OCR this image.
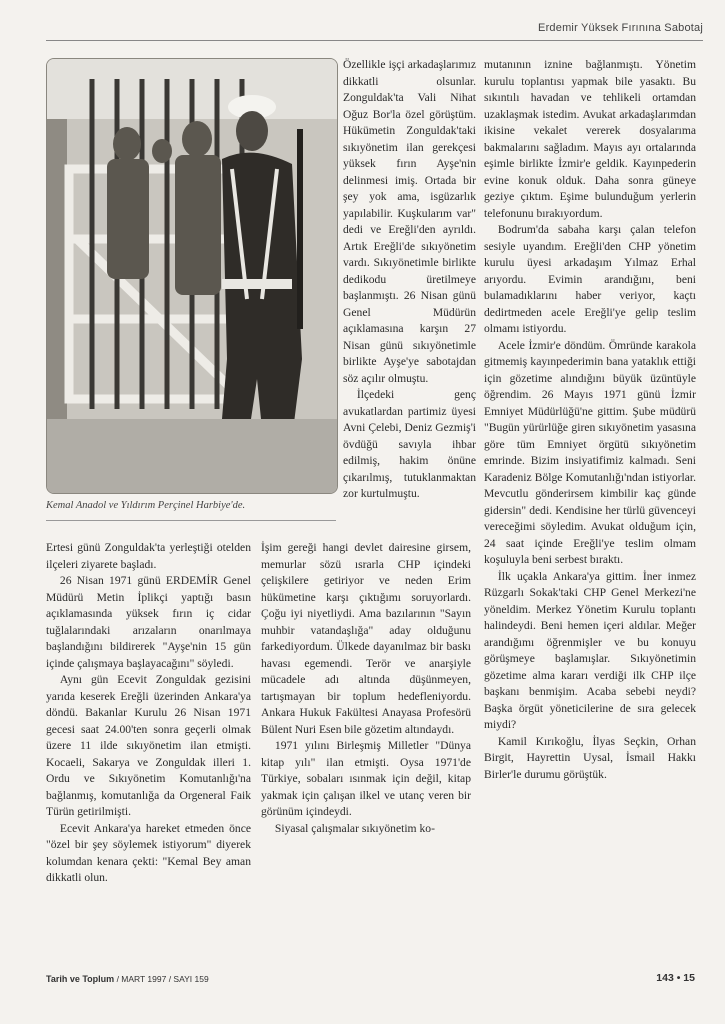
Erdemir Yüksek Fırınına Sabotaj
Kemal Anadol ve Yıldırım Perçinel Harbiye'de.

Özellikle işçi arkadaşlarımız dikkatli olsunlar. Zonguldak'ta Vali Nihat Oğuz Bor'la özel görüştüm. Hükümetin Zonguldak'taki sıkıyönetim ilan gerekçesi yüksek fırın Ayşe'nin delinmesi imiş. Ortada bir şey yok ama, isgüzarlık yapılabilir. Kuşkularım var" dedi ve Ereğli'den ayrıldı. Artık Ereğli'de sıkıyönetim vardı. Sıkıyönetimle birlikte dedikodu üretilmeye başlanmıştı. 26 Nisan günü Genel Müdürün açıklamasına karşın 27 Nisan günü sıkıyönetimle birlikte Ayşe'ye sabotajdan söz açılır olmuştu.

İlçedeki genç avukatlardan partimiz üyesi Avni Çelebi, Deniz Gezmiş'i övdüğü savıyla ihbar edilmiş, hakim önüne çıkarılmış, tutuklanmaktan zor kurtulmuştu.

Ertesi günü Zonguldak'ta yerleştiği otelden ilçeleri ziyarete başladı.

26 Nisan 1971 günü ERDEMİR Genel Müdürü Metin İplikçi yaptığı basın açıklamasında yüksek fırın iç cidar tuğlalarındaki arızaların onarılmaya başlandığını bildirerek "Ayşe'nin 15 gün içinde çalışmaya başlayacağını" söyledi.

Aynı gün Ecevit Zonguldak gezisini yarıda keserek Ereğli üzerinden Ankara'ya döndü. Bakanlar Kurulu 26 Nisan 1971 gecesi saat 24.00'ten sonra geçerli olmak üzere 11 ilde sıkıyönetim ilan etmişti. Kocaeli, Sakarya ve Zonguldak illeri 1. Ordu ve Sıkıyönetim Komutanlığı'na bağlanmış, komutanlığa da Orgeneral Faik Türün getirilmişti.

Ecevit Ankara'ya hareket etmeden önce "özel bir şey söylemek istiyorum" diyerek kolumdan kenara çekti: "Kemal Bey aman dikkatli olun.

İşim gereği hangi devlet dairesine girsem, memurlar sözü ısrarla CHP içindeki çelişkilere getiriyor ve neden Erim hükümetine karşı çıktığımı soruyorlardı. Çoğu iyi niyetliydi. Ama bazılarının "Sayın muhbir vatandaşlığa" aday olduğunu farkediyordum. Ülkede dayanılmaz bir baskı havası egemendi. Terör ve anarşiyle mücadele adı altında düşünmeyen, tartışmayan bir toplum hedefleniyordu. Ankara Hukuk Fakültesi Anayasa Profesörü Bülent Nuri Esen bile gözetim altındaydı.

1971 yılını Birleşmiş Milletler "Dünya kitap yılı" ilan etmişti. Oysa 1971'de Türkiye, sobaları ısınmak için değil, kitap yakmak için çalışan ilkel ve utanç veren bir görünüm içindeydi.

Siyasal çalışmalar sıkıyönetim ko-

mutanının iznine bağlanmıştı. Yönetim kurulu toplantısı yapmak bile yasaktı. Bu sıkıntılı havadan ve tehlikeli ortamdan uzaklaşmak istedim. Avukat arkadaşlarımdan ikisine vekalet vererek dosyalarıma bakmalarını sağladım. Mayıs ayı ortalarında eşimle birlikte İzmir'e geldik. Kayınpederin evine konuk olduk. Daha sonra güneye geziye çıktım. Eşime bulunduğum yerlerin telefonunu bırakıyordum.

Bodrum'da sabaha karşı çalan telefon sesiyle uyandım. Ereğli'den CHP yönetim kurulu üyesi arkadaşım Yılmaz Erhal arıyordu. Evimin arandığını, beni bulamadıklarını haber veriyor, kaçtı dedirtmeden acele Ereğli'ye gelip teslim olmamı istiyordu.

Acele İzmir'e döndüm. Ömründe karakola gitmemiş kayınpederimin bana yataklık ettiği için gözetime alındığını büyük üzüntüyle öğrendim. 26 Mayıs 1971 günü İzmir Emniyet Müdürlüğü'ne gittim. Şube müdürü "Bugün yürürlüğe giren sıkıyönetim yasasına göre tüm Emniyet örgütü sıkıyönetim emrinde. Bizim insiyatifimiz kalmadı. Seni Karadeniz Bölge Komutanlığı'ndan istiyorlar. Mevcutlu gönderirsem kimbilir kaç günde gidersin" dedi. Kendisine her türlü güvenceyi vereceğimi söyledim. Avukat olduğum için, 24 saat içinde Ereğli'ye teslim olmam koşuluyla beni serbest bıraktı.

İlk uçakla Ankara'ya gittim. İner inmez Rüzgarlı Sokak'taki CHP Genel Merkezi'ne yöneldim. Merkez Yönetim Kurulu toplantı halindeydi. Beni hemen içeri aldılar. Meğer arandığımı öğrenmişler ve bu konuyu görüşmeye başlamışlar. Sıkıyönetimin gözetime alma kararı verdiği ilk CHP ilçe başkanı benmişim. Acaba sebebi neydi? Başka örgüt yöneticilerine de sıra gelecek miydi?

Kamil Kırıkoğlu, İlyas Seçkin, Orhan Birgit, Hayrettin Uysal, İsmail Hakkı Birler'le durumu görüştük.

Tarih ve Toplum / MART 1997 / SAYI 159	143 • 15
